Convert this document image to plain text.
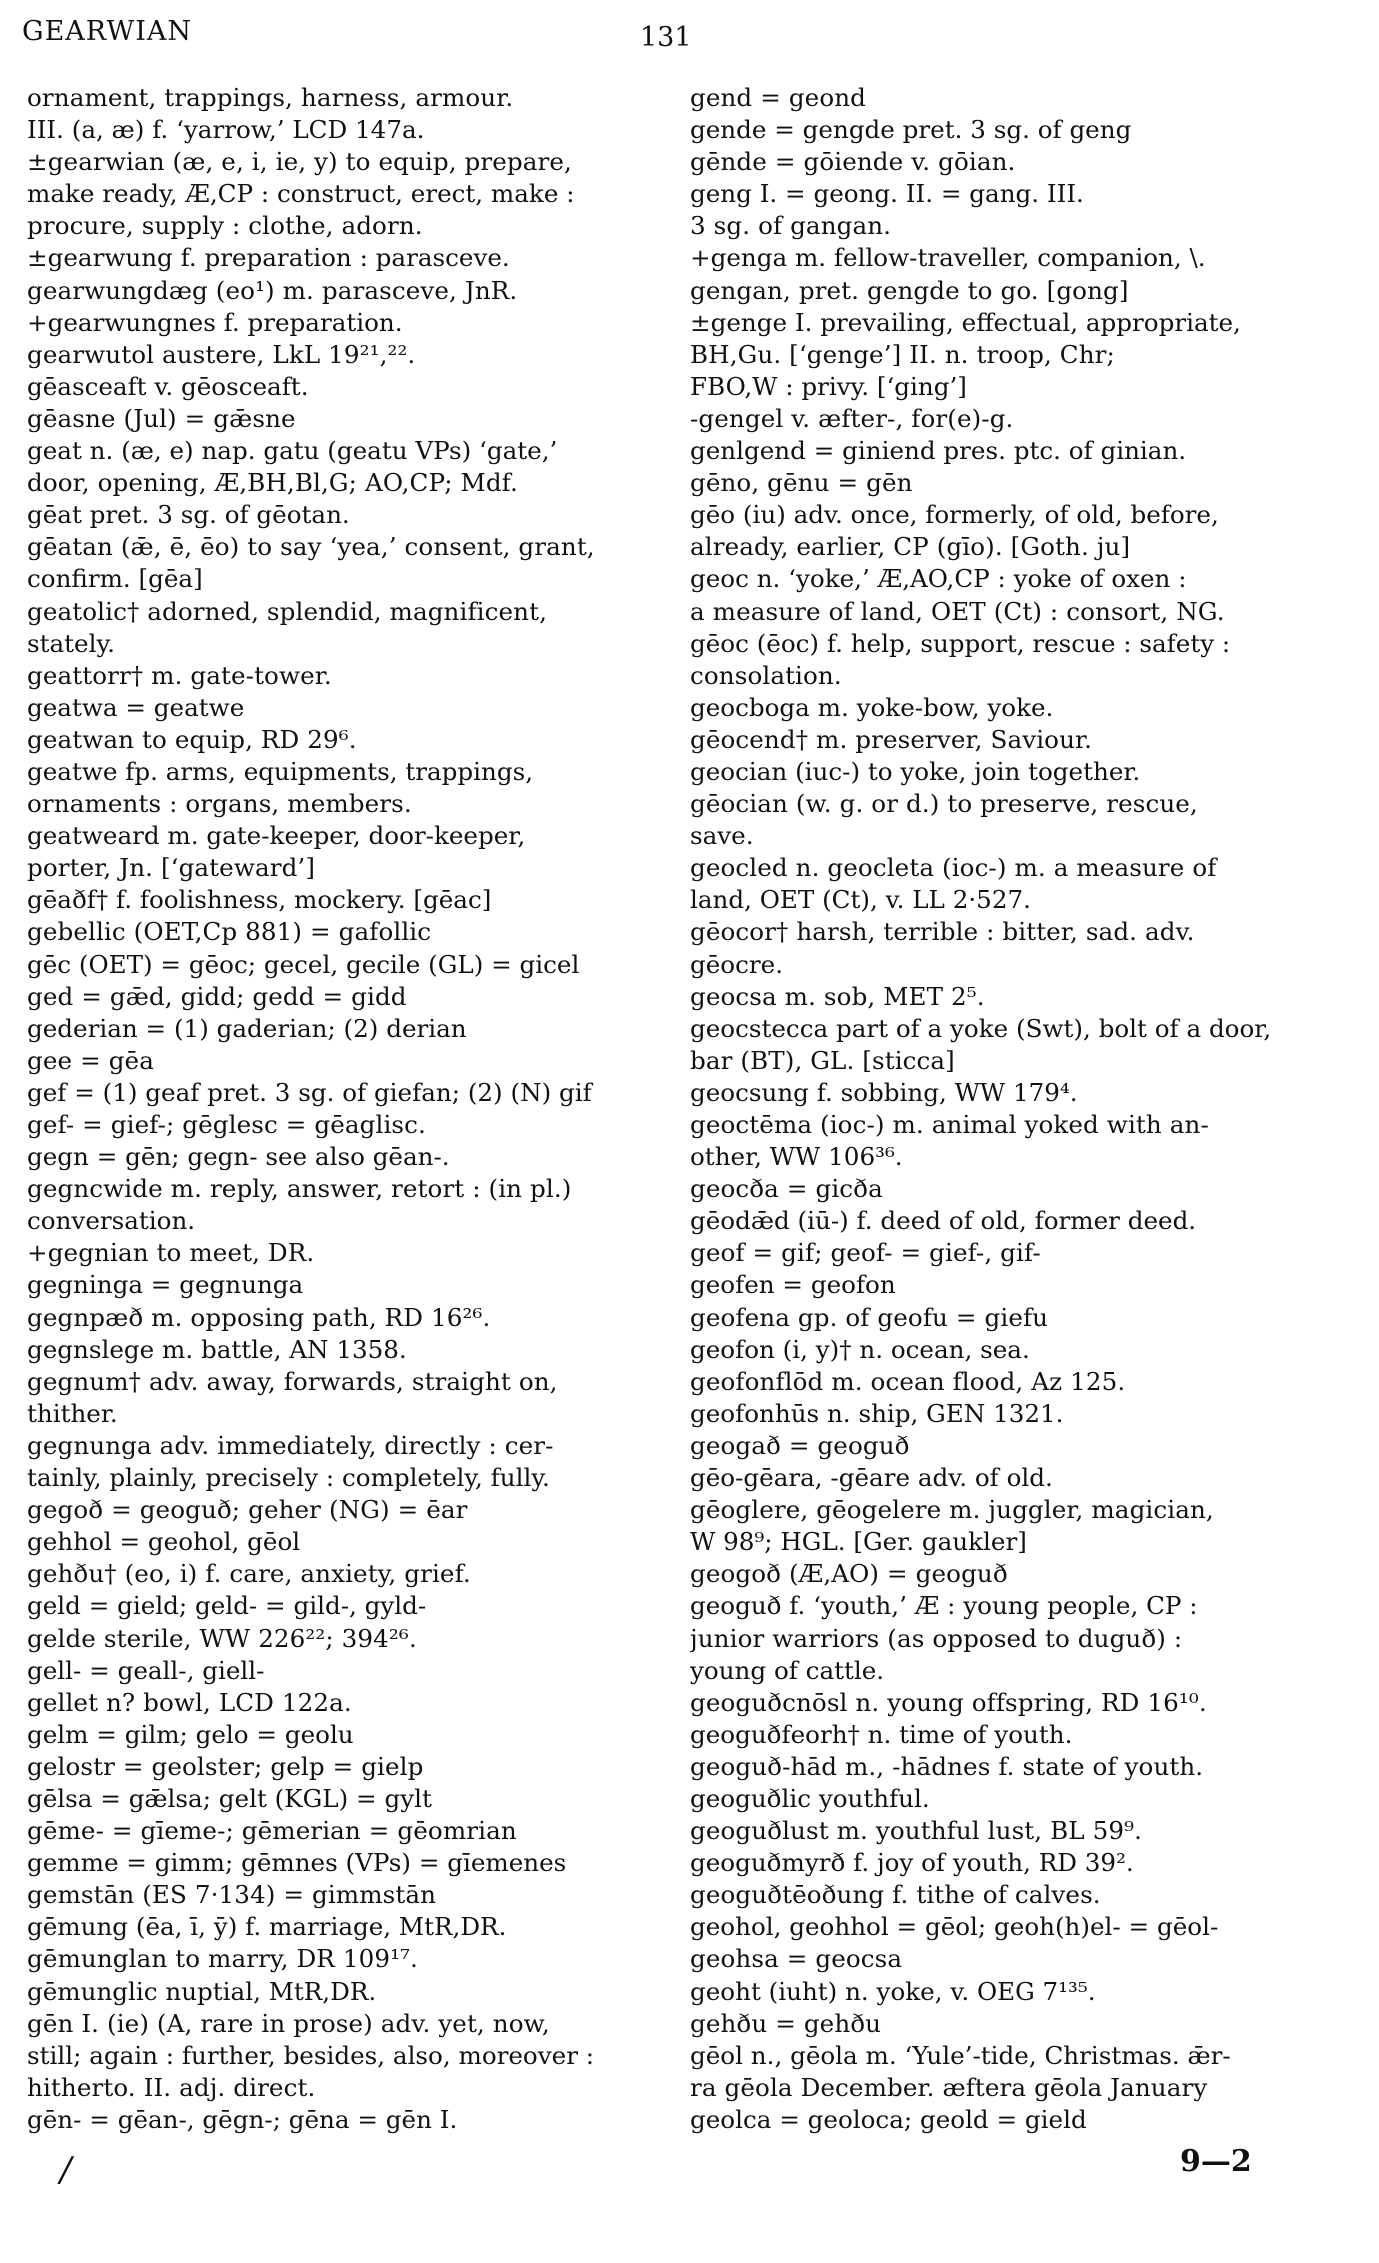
GEARWIAN	131
ornament, trappings, harness, armour.
III. (a, æ) f. ‘yarrow,’ LCD 147a.
±gearwian (æ, e, i, ie, y) to equip, prepare,
make ready, Æ,CP : construct, erect, make :
procure, supply : clothe, adorn.
±gearwung f. preparation : parasceve.
gearwungdæg (eo¹) m. parasceve, JnR.
+gearwungnes f. preparation.
gearwutol austere, LkL 19²¹,²².
gēasceaft v. gēosceaft.
gēasne (Jul) = gǣsne
geat n. (æ, e) nap. gatu (geatu VPs) ‘gate,’
door, opening, Æ,BH,Bl,G; AO,CP; Mdf.
gēat pret. 3 sg. of gēotan.
gēatan (ǣ, ē, ēo) to say ‘yea,’ consent, grant,
confirm. [gēa]
geatolic† adorned, splendid, magnificent,
stately.
geattorr† m. gate-tower.
geatwa = geatwe
geatwan to equip, RD 29⁶.
geatwe fp. arms, equipments, trappings,
ornaments : organs, members.
geatweard m. gate-keeper, door-keeper,
porter, Jn. [‘gateward’]
gēaðf† f. foolishness, mockery. [gēac]
gebellic (OET,Cp 881) = gafollic
gēc (OET) = gēoc; gecel, gecile (GL) = gicel
ged = gǣd, gidd; gedd = gidd
gederian = (1) gaderian; (2) derian
gee = gēa
gef = (1) geaf pret. 3 sg. of giefan; (2) (N) gif
gef- = gief-; gēglesc = gēaglisc.
gegn = gēn; gegn- see also gēan-.
gegncwide m. reply, answer, retort : (in pl.)
conversation.
+gegnian to meet, DR.
gegninga = gegnunga
gegnpæð m. opposing path, RD 16²⁶.
gegnslege m. battle, AN 1358.
gegnum† adv. away, forwards, straight on,
thither.
gegnunga adv. immediately, directly : cer-
tainly, plainly, precisely : completely, fully.
gegoð = geoguð; geher (NG) = ēar
gehhol = geohol, gēol
gehðu† (eo, i) f. care, anxiety, grief.
geld = gield; geld- = gild-, gyld-
gelde sterile, WW 226²²; 394²⁶.
gell- = geall-, giell-
gellet n? bowl, LCD 122a.
gelm = gilm; gelo = geolu
gelostr = geolster; gelp = gielp
gēlsa = gǣlsa; gelt (KGL) = gylt
gēme- = gīeme-; gēmerian = gēomrian
gemme = gimm; gēmnes (VPs) = gīemenes
gemstān (ES 7·134) = gimmstān
gēmung (ēa, ī, ȳ) f. marriage, MtR,DR.
gēmunglan to marry, DR 109¹⁷.
gēmunglic nuptial, MtR,DR.
gēn I. (ie) (A, rare in prose) adv. yet, now,
still; again : further, besides, also, moreover :
hitherto. II. adj. direct.
gēn- = gēan-, gēgn-; gēna = gēn I.
gend = geond
gende = gengde pret. 3 sg. of geng
gēnde = gōiende v. gōian.
geng I. = geong. II. = gang. III.
3 sg. of gangan.
+genga m. fellow-traveller, companion, \.
gengan, pret. gengde to go. [gong]
±genge I. prevailing, effectual, appropriate,
BH,Gu. [‘genge’] II. n. troop, Chr;
FBO,W : privy. [‘ging’]
-gengel v. æfter-, for(e)-g.
genlgend = giniend pres. ptc. of ginian.
gēno, gēnu = gēn
gēo (iu) adv. once, formerly, of old, before,
already, earlier, CP (gīo). [Goth. ju]
geoc n. ‘yoke,’ Æ,AO,CP : yoke of oxen :
a measure of land, OET (Ct) : consort, NG.
gēoc (ēoc) f. help, support, rescue : safety :
consolation.
geocboga m. yoke-bow, yoke.
gēocend† m. preserver, Saviour.
geocian (iuc-) to yoke, join together.
gēocian (w. g. or d.) to preserve, rescue,
save.
geocled n. geocleta (ioc-) m. a measure of
land, OET (Ct), v. LL 2·527.
gēocor† harsh, terrible : bitter, sad. adv.
gēocre.
geocsa m. sob, MET 2⁵.
geocstecca part of a yoke (Swt), bolt of a door,
bar (BT), GL. [sticca]
geocsung f. sobbing, WW 179⁴.
geoctēma (ioc-) m. animal yoked with an-
other, WW 106³⁶.
geocða = gicða
gēodǣd (iū-) f. deed of old, former deed.
geof = gif; geof- = gief-, gif-
geofen = geofon
geofena gp. of geofu = giefu
geofon (i, y)† n. ocean, sea.
geofonflōd m. ocean flood, Az 125.
geofonhūs n. ship, GEN 1321.
geogað = geoguð
gēo-gēara, -gēare adv. of old.
gēoglere, gēogelere m. juggler, magician,
W 98⁹; HGL. [Ger. gaukler]
geogoð (Æ,AO) = geoguð
geoguð f. ‘youth,’ Æ : young people, CP :
junior warriors (as opposed to duguð) :
young of cattle.
geoguðcnōsl n. young offspring, RD 16¹⁰.
geoguðfeorh† n. time of youth.
geoguð-hād m., -hādnes f. state of youth.
geoguðlic youthful.
geoguðlust m. youthful lust, BL 59⁹.
geoguðmyrð f. joy of youth, RD 39².
geoguðtēoðung f. tithe of calves.
geohol, geohhol = gēol; geoh(h)el- = gēol-
geohsa = geocsa
geoht (iuht) n. yoke, v. OEG 7¹³⁵.
gehðu = gehðu
gēol n., gēola m. ‘Yule’-tide, Christmas. ǣr-
ra gēola December. æftera gēola January
geolca = geoloca; geold = gield
/	9—2
